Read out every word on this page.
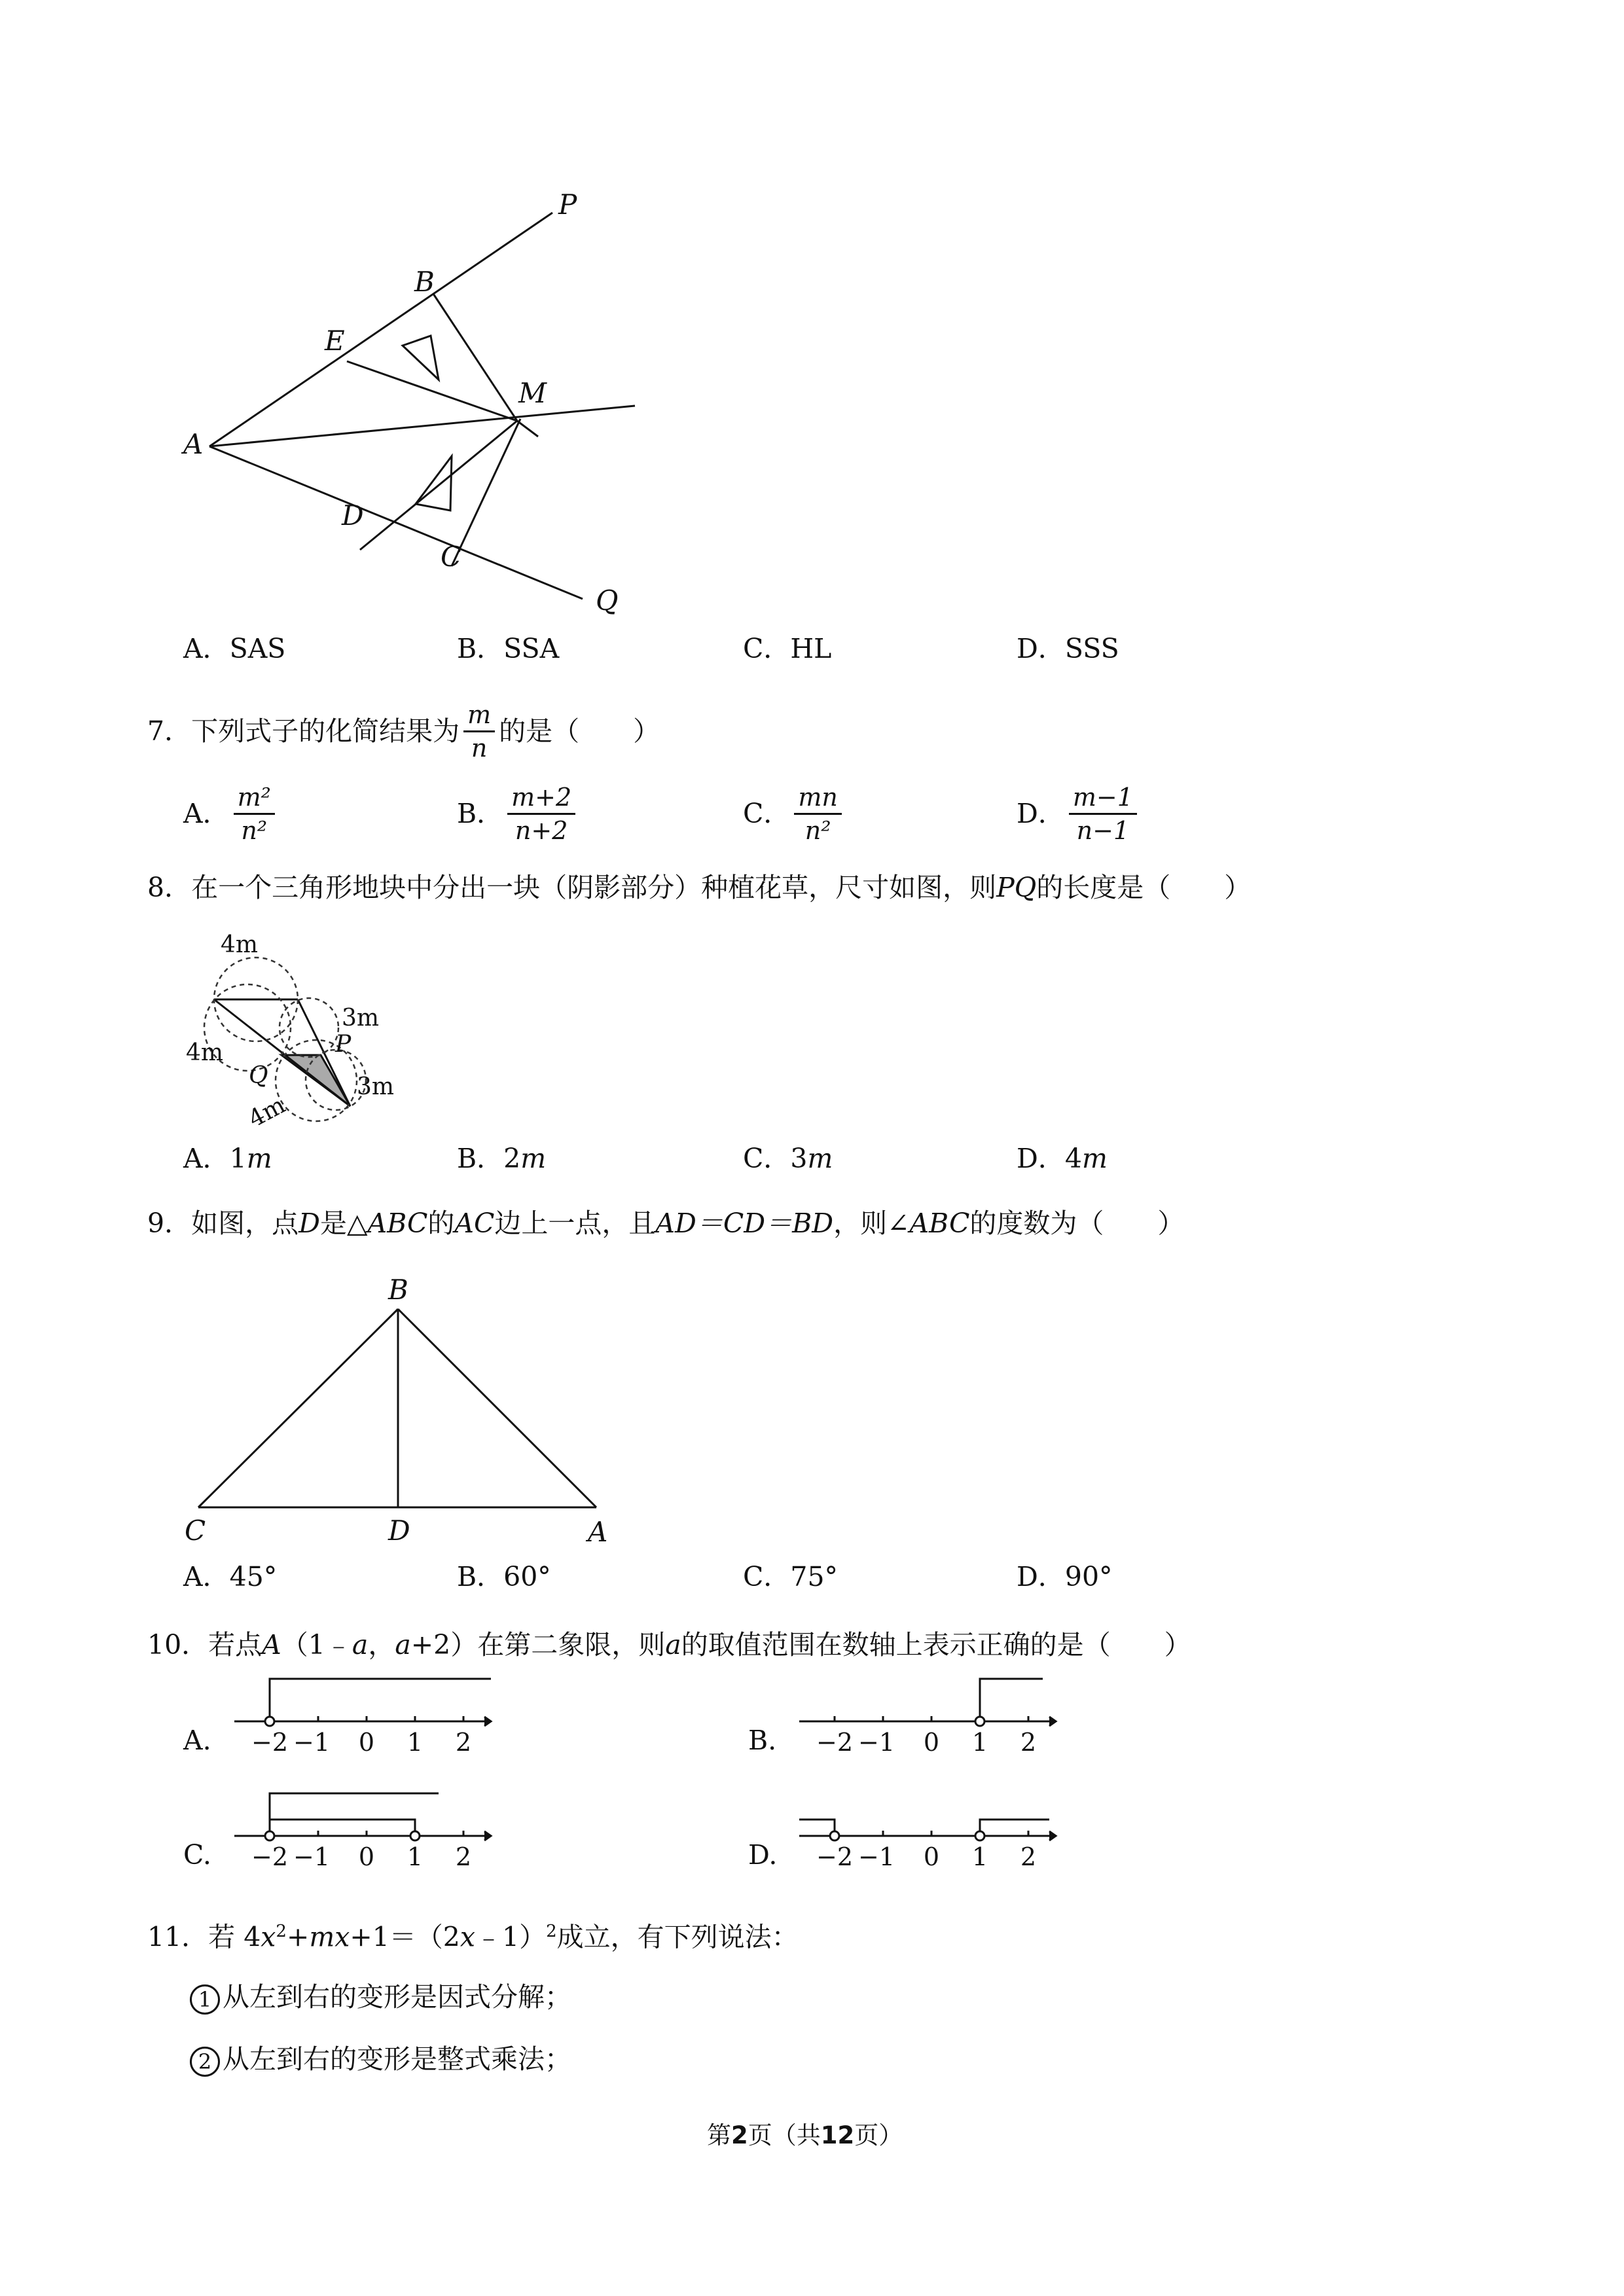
P
B
E
M
A
D
C
Q
A．SAS	B．SSA	C．HL	D．SSS
7． 下列式子的化简结果为 $\frac{m}{n}$ 的是（　　）
A． $\frac{\text{m²}}{\text{n²}}$	B． $\frac{m+2}{n+2}$	C． $\frac{mn}{\text{n²}}$	D． $\frac{m-1}{n-1}$
8．在一个三角形地块中分出一块（阴影部分）种植花草，尺寸如图，则PQ的长度是（　　）
4m
3m
4m
3m
P
Q
4m
A．1m	B．2m	C．3m	D．4m
9．如图，点D是△ABC的AC边上一点，且AD＝CD＝BD，则∠ABC的度数为（　　）
B
C	D	A
A．45°	B．60°	C．75°	D．90°
10．若点A（1﹣a，a+2）在第二象限，则a的取值范围在数轴上表示正确的是（　　）
A. −2 −1 0 1 2	B. −2 −1 0 1 2
C. −2 −1 0 1 2	D. −2 −1 0 1 2
11．若 $4x^2+mx+1=(2x﹣1)^2$成立，有下列说法：
1 从左到右的变形是因式分解；
2 从左到右的变形是整式乘法；
第2页（共12页）
